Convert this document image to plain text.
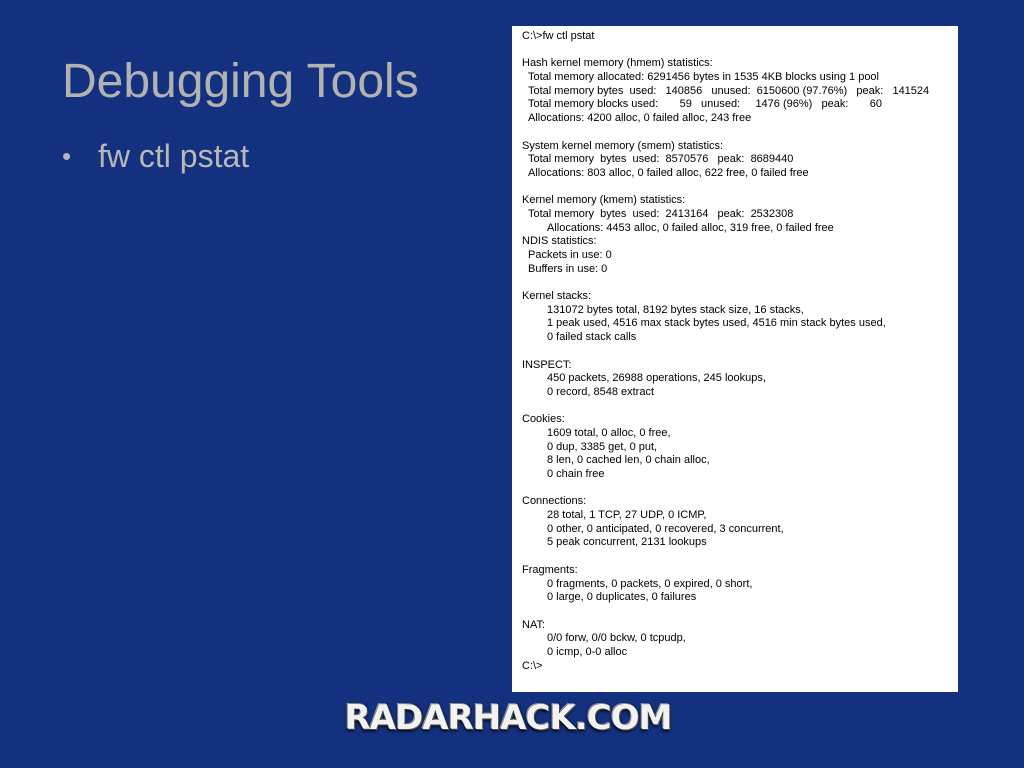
Debugging Tools
• fw ctl pstat
C:\>fw ctl pstat
Hash kernel memory (hmem) statistics:
Total memory allocated: 6291456 bytes in 1535 4KB blocks using 1 pool
Total memory bytes  used:   140856   unused:  6150600 (97.76%)   peak:   141524
Total memory blocks used:       59   unused:     1476 (96%)   peak:       60
Allocations: 4200 alloc, 0 failed alloc, 243 free
System kernel memory (smem) statistics:
Total memory  bytes  used:  8570576   peak:  8689440
Allocations: 803 alloc, 0 failed alloc, 622 free, 0 failed free
Kernel memory (kmem) statistics:
Total memory  bytes  used:  2413164   peak:  2532308
Allocations: 4453 alloc, 0 failed alloc, 319 free, 0 failed free
NDIS statistics:
Packets in use: 0
Buffers in use: 0
Kernel stacks:
131072 bytes total, 8192 bytes stack size, 16 stacks,
1 peak used, 4516 max stack bytes used, 4516 min stack bytes used,
0 failed stack calls
INSPECT:
450 packets, 26988 operations, 245 lookups,
0 record, 8548 extract
Cookies:
1609 total, 0 alloc, 0 free,
0 dup, 3385 get, 0 put,
8 len, 0 cached len, 0 chain alloc,
0 chain free
Connections:
28 total, 1 TCP, 27 UDP, 0 ICMP,
0 other, 0 anticipated, 0 recovered, 3 concurrent,
5 peak concurrent, 2131 lookups
Fragments:
0 fragments, 0 packets, 0 expired, 0 short,
0 large, 0 duplicates, 0 failures
NAT:
0/0 forw, 0/0 bckw, 0 tcpudp,
0 icmp, 0-0 alloc
C:\>
RADARHACK.COM
